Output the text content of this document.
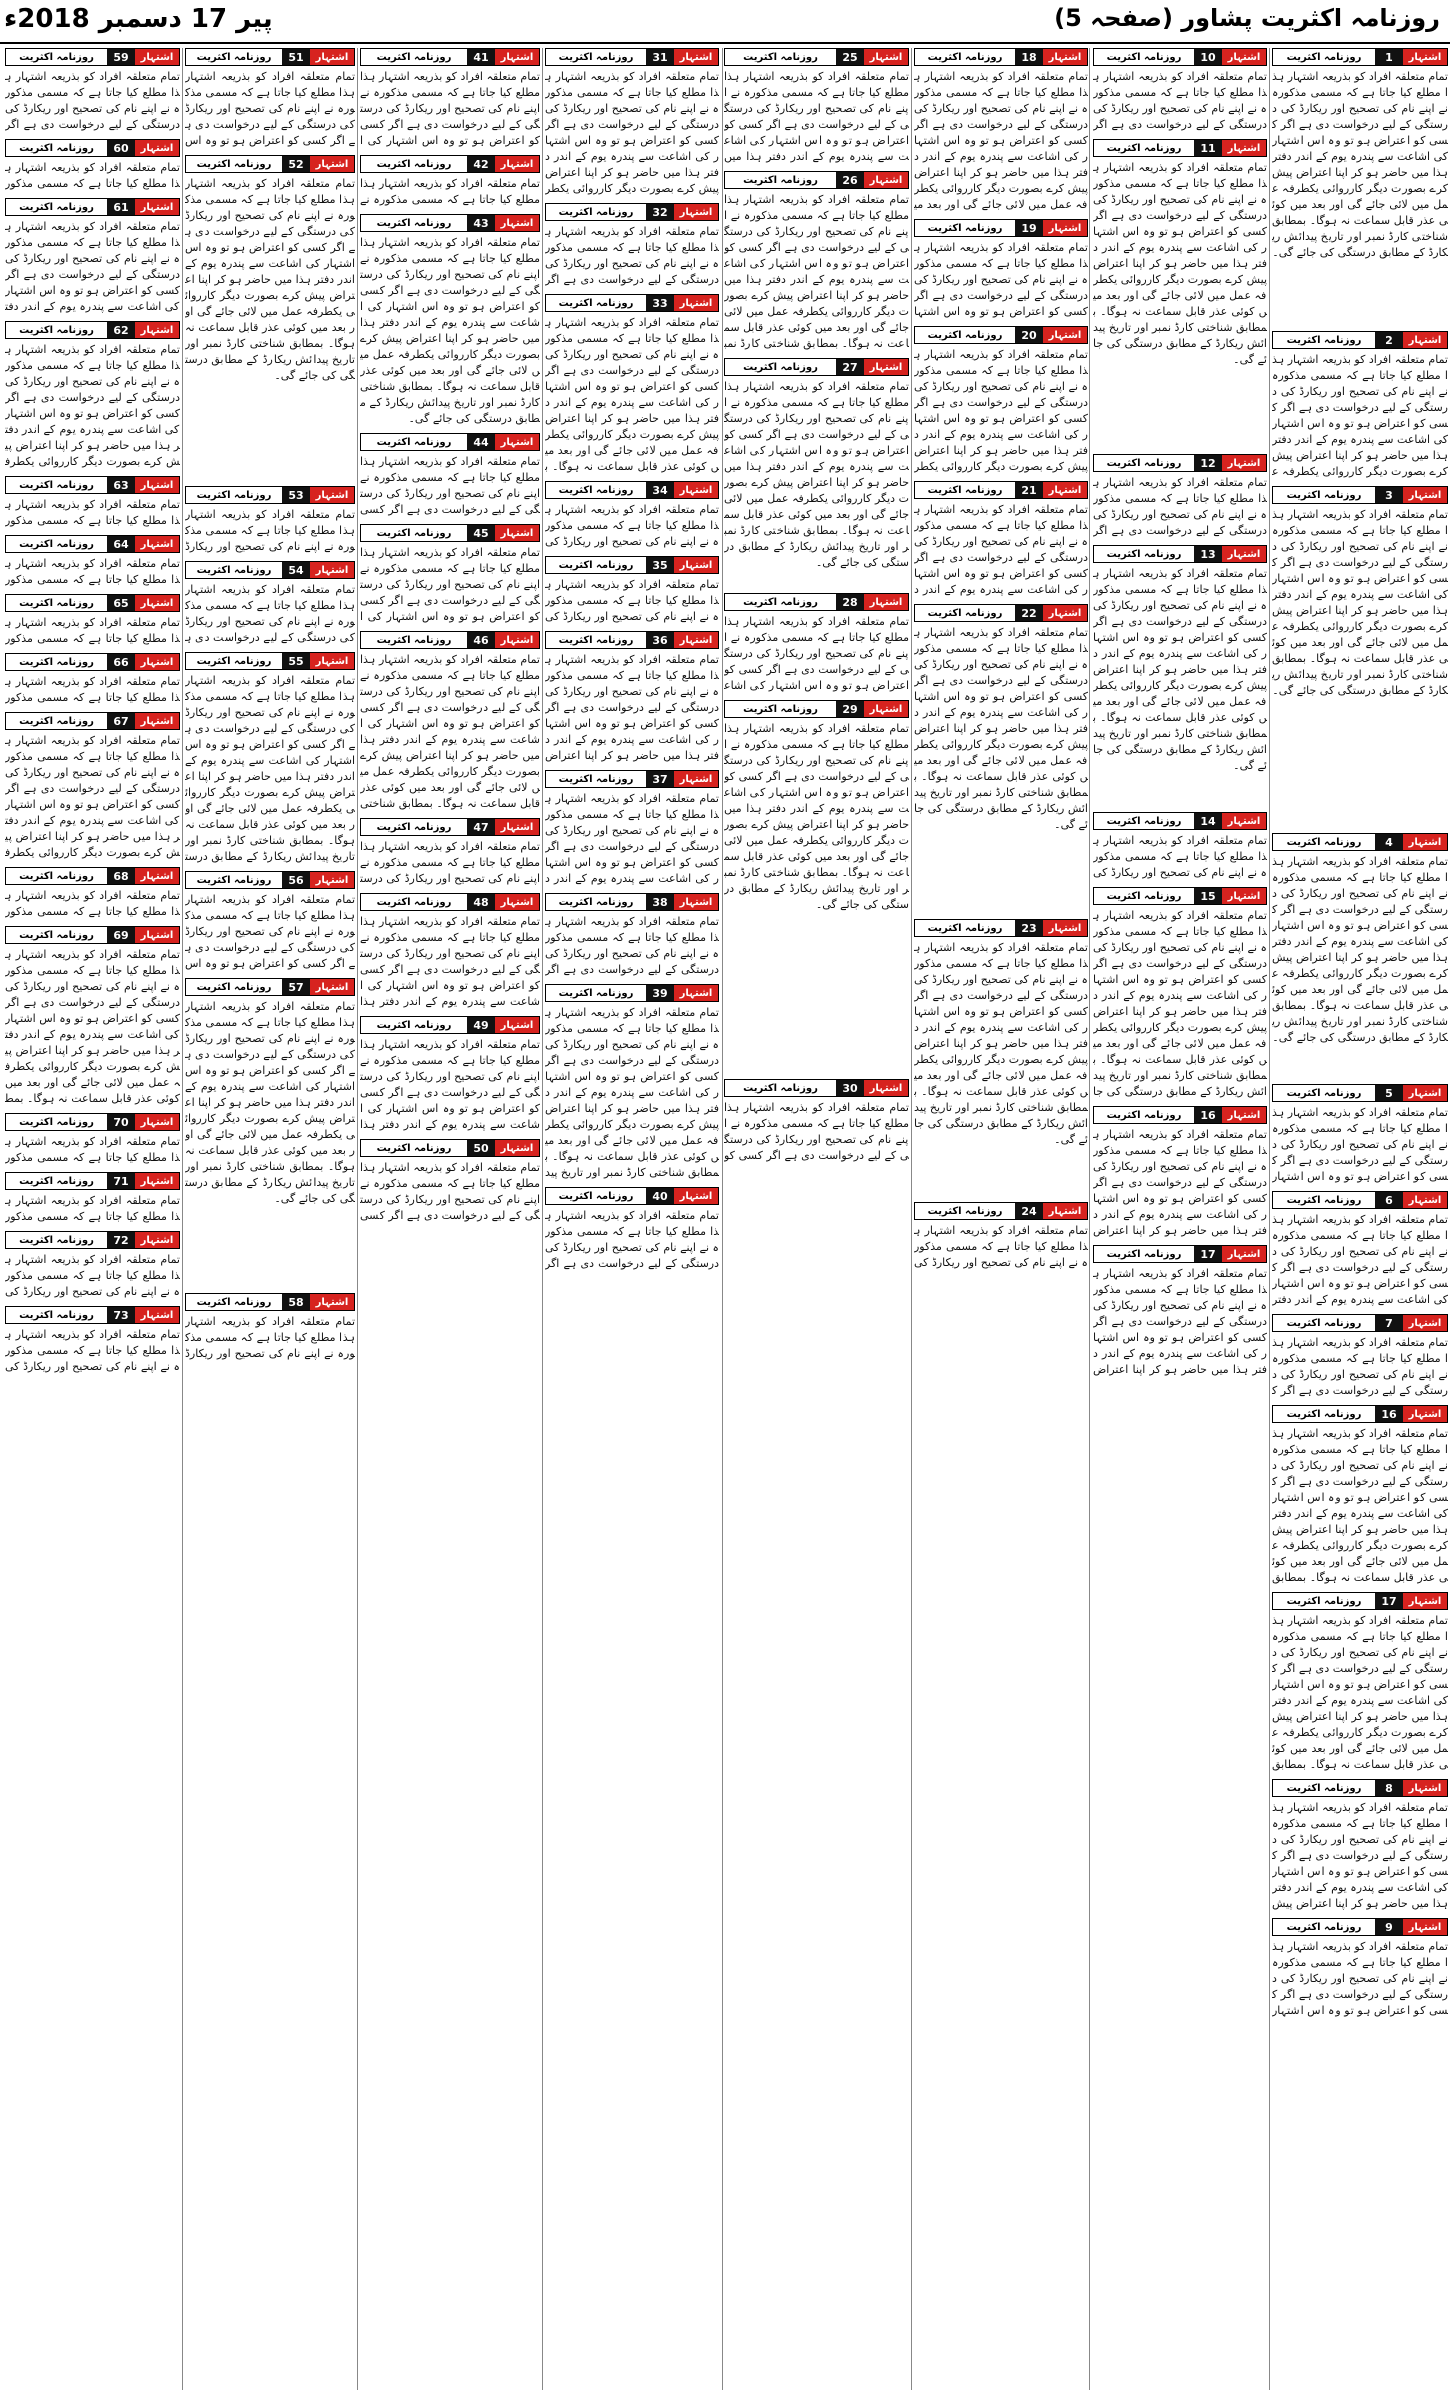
پیر 17 دسمبر 2018ء	روزنامہ اکثریت پشاور (صفحہ 5)
اشتہار
1
روزنامہ اکثریت
تمام متعلقہ افراد کو بذریعہ اشتہار ہذا مطلع کیا جاتا ہے کہ مسمی مذکورہ نے اپنے نام کی تصحیح اور ریکارڈ کی درستگی کے لیے درخواست دی ہے اگر کسی کو اعتراض ہو تو وہ اس اشتہار کی اشاعت سے پندرہ یوم کے اندر دفتر ہذا میں حاضر ہو کر اپنا اعتراض پیش کرے بصورت دیگر کارروائی یکطرفہ عمل میں لائی جائے گی اور بعد میں کوئی عذر قابل سماعت نہ ہوگا۔ بمطابق شناختی کارڈ نمبر اور تاریخ پیدائش ریکارڈ کے مطابق درستگی کی جائے گی۔
اشتہار
2
روزنامہ اکثریت
تمام متعلقہ افراد کو بذریعہ اشتہار ہذا مطلع کیا جاتا ہے کہ مسمی مذکورہ نے اپنے نام کی تصحیح اور ریکارڈ کی درستگی کے لیے درخواست دی ہے اگر کسی کو اعتراض ہو تو وہ اس اشتہار کی اشاعت سے پندرہ یوم کے اندر دفتر ہذا میں حاضر ہو کر اپنا اعتراض پیش کرے بصورت دیگر کارروائی یکطرفہ ع
اشتہار
3
روزنامہ اکثریت
تمام متعلقہ افراد کو بذریعہ اشتہار ہذا مطلع کیا جاتا ہے کہ مسمی مذکورہ نے اپنے نام کی تصحیح اور ریکارڈ کی درستگی کے لیے درخواست دی ہے اگر کسی کو اعتراض ہو تو وہ اس اشتہار کی اشاعت سے پندرہ یوم کے اندر دفتر ہذا میں حاضر ہو کر اپنا اعتراض پیش کرے بصورت دیگر کارروائی یکطرفہ عمل میں لائی جائے گی اور بعد میں کوئی عذر قابل سماعت نہ ہوگا۔ بمطابق شناختی کارڈ نمبر اور تاریخ پیدائش ریکارڈ کے مطابق درستگی کی جائے گی۔
اشتہار
4
روزنامہ اکثریت
تمام متعلقہ افراد کو بذریعہ اشتہار ہذا مطلع کیا جاتا ہے کہ مسمی مذکورہ نے اپنے نام کی تصحیح اور ریکارڈ کی درستگی کے لیے درخواست دی ہے اگر کسی کو اعتراض ہو تو وہ اس اشتہار کی اشاعت سے پندرہ یوم کے اندر دفتر ہذا میں حاضر ہو کر اپنا اعتراض پیش کرے بصورت دیگر کارروائی یکطرفہ عمل میں لائی جائے گی اور بعد میں کوئی عذر قابل سماعت نہ ہوگا۔ بمطابق شناختی کارڈ نمبر اور تاریخ پیدائش ریکارڈ کے مطابق درستگی کی جائے گی۔
اشتہار
5
روزنامہ اکثریت
تمام متعلقہ افراد کو بذریعہ اشتہار ہذا مطلع کیا جاتا ہے کہ مسمی مذکورہ نے اپنے نام کی تصحیح اور ریکارڈ کی درستگی کے لیے درخواست دی ہے اگر کسی کو اعتراض ہو تو وہ اس اشتہار
اشتہار
6
روزنامہ اکثریت
تمام متعلقہ افراد کو بذریعہ اشتہار ہذا مطلع کیا جاتا ہے کہ مسمی مذکورہ نے اپنے نام کی تصحیح اور ریکارڈ کی درستگی کے لیے درخواست دی ہے اگر کسی کو اعتراض ہو تو وہ اس اشتہار کی اشاعت سے پندرہ یوم کے اندر دفتر
اشتہار
7
روزنامہ اکثریت
تمام متعلقہ افراد کو بذریعہ اشتہار ہذا مطلع کیا جاتا ہے کہ مسمی مذکورہ نے اپنے نام کی تصحیح اور ریکارڈ کی درستگی کے لیے درخواست دی ہے اگر ک
اشتہار
16
روزنامہ اکثریت
تمام متعلقہ افراد کو بذریعہ اشتہار ہذا مطلع کیا جاتا ہے کہ مسمی مذکورہ نے اپنے نام کی تصحیح اور ریکارڈ کی درستگی کے لیے درخواست دی ہے اگر کسی کو اعتراض ہو تو وہ اس اشتہار کی اشاعت سے پندرہ یوم کے اندر دفتر ہذا میں حاضر ہو کر اپنا اعتراض پیش کرے بصورت دیگر کارروائی یکطرفہ عمل میں لائی جائے گی اور بعد میں کوئی عذر قابل سماعت نہ ہوگا۔ بمطابق
اشتہار
17
روزنامہ اکثریت
تمام متعلقہ افراد کو بذریعہ اشتہار ہذا مطلع کیا جاتا ہے کہ مسمی مذکورہ نے اپنے نام کی تصحیح اور ریکارڈ کی درستگی کے لیے درخواست دی ہے اگر کسی کو اعتراض ہو تو وہ اس اشتہار کی اشاعت سے پندرہ یوم کے اندر دفتر ہذا میں حاضر ہو کر اپنا اعتراض پیش کرے بصورت دیگر کارروائی یکطرفہ عمل میں لائی جائے گی اور بعد میں کوئی عذر قابل سماعت نہ ہوگا۔ بمطابق
اشتہار
8
روزنامہ اکثریت
تمام متعلقہ افراد کو بذریعہ اشتہار ہذا مطلع کیا جاتا ہے کہ مسمی مذکورہ نے اپنے نام کی تصحیح اور ریکارڈ کی درستگی کے لیے درخواست دی ہے اگر کسی کو اعتراض ہو تو وہ اس اشتہار کی اشاعت سے پندرہ یوم کے اندر دفتر ہذا میں حاضر ہو کر اپنا اعتراض پیش
اشتہار
9
روزنامہ اکثریت
تمام متعلقہ افراد کو بذریعہ اشتہار ہذا مطلع کیا جاتا ہے کہ مسمی مذکورہ نے اپنے نام کی تصحیح اور ریکارڈ کی درستگی کے لیے درخواست دی ہے اگر کسی کو اعتراض ہو تو وہ اس اشتہار
اشتہار
10
روزنامہ اکثریت
تمام متعلقہ افراد کو بذریعہ اشتہار ہذا مطلع کیا جاتا ہے کہ مسمی مذکورہ نے اپنے نام کی تصحیح اور ریکارڈ کی درستگی کے لیے درخواست دی ہے اگر
اشتہار
11
روزنامہ اکثریت
تمام متعلقہ افراد کو بذریعہ اشتہار ہذا مطلع کیا جاتا ہے کہ مسمی مذکورہ نے اپنے نام کی تصحیح اور ریکارڈ کی درستگی کے لیے درخواست دی ہے اگر کسی کو اعتراض ہو تو وہ اس اشتہار کی اشاعت سے پندرہ یوم کے اندر دفتر ہذا میں حاضر ہو کر اپنا اعتراض پیش کرے بصورت دیگر کارروائی یکطرفہ عمل میں لائی جائے گی اور بعد میں کوئی عذر قابل سماعت نہ ہوگا۔ بمطابق شناختی کارڈ نمبر اور تاریخ پیدائش ریکارڈ کے مطابق درستگی کی جائے گی۔
اشتہار
12
روزنامہ اکثریت
تمام متعلقہ افراد کو بذریعہ اشتہار ہذا مطلع کیا جاتا ہے کہ مسمی مذکورہ نے اپنے نام کی تصحیح اور ریکارڈ کی درستگی کے لیے درخواست دی ہے اگر
اشتہار
13
روزنامہ اکثریت
تمام متعلقہ افراد کو بذریعہ اشتہار ہذا مطلع کیا جاتا ہے کہ مسمی مذکورہ نے اپنے نام کی تصحیح اور ریکارڈ کی درستگی کے لیے درخواست دی ہے اگر کسی کو اعتراض ہو تو وہ اس اشتہار کی اشاعت سے پندرہ یوم کے اندر دفتر ہذا میں حاضر ہو کر اپنا اعتراض پیش کرے بصورت دیگر کارروائی یکطرفہ عمل میں لائی جائے گی اور بعد میں کوئی عذر قابل سماعت نہ ہوگا۔ بمطابق شناختی کارڈ نمبر اور تاریخ پیدائش ریکارڈ کے مطابق درستگی کی جائے گی۔
اشتہار
14
روزنامہ اکثریت
تمام متعلقہ افراد کو بذریعہ اشتہار ہذا مطلع کیا جاتا ہے کہ مسمی مذکورہ نے اپنے نام کی تصحیح اور ریکارڈ کی
اشتہار
15
روزنامہ اکثریت
تمام متعلقہ افراد کو بذریعہ اشتہار ہذا مطلع کیا جاتا ہے کہ مسمی مذکورہ نے اپنے نام کی تصحیح اور ریکارڈ کی درستگی کے لیے درخواست دی ہے اگر کسی کو اعتراض ہو تو وہ اس اشتہار کی اشاعت سے پندرہ یوم کے اندر دفتر ہذا میں حاضر ہو کر اپنا اعتراض پیش کرے بصورت دیگر کارروائی یکطرفہ عمل میں لائی جائے گی اور بعد میں کوئی عذر قابل سماعت نہ ہوگا۔ بمطابق شناختی کارڈ نمبر اور تاریخ پیدائش ریکارڈ کے مطابق درستگی کی جا
اشتہار
16
روزنامہ اکثریت
تمام متعلقہ افراد کو بذریعہ اشتہار ہذا مطلع کیا جاتا ہے کہ مسمی مذکورہ نے اپنے نام کی تصحیح اور ریکارڈ کی درستگی کے لیے درخواست دی ہے اگر کسی کو اعتراض ہو تو وہ اس اشتہار کی اشاعت سے پندرہ یوم کے اندر دفتر ہذا میں حاضر ہو کر اپنا اعتراض
اشتہار
17
روزنامہ اکثریت
تمام متعلقہ افراد کو بذریعہ اشتہار ہذا مطلع کیا جاتا ہے کہ مسمی مذکورہ نے اپنے نام کی تصحیح اور ریکارڈ کی درستگی کے لیے درخواست دی ہے اگر کسی کو اعتراض ہو تو وہ اس اشتہار کی اشاعت سے پندرہ یوم کے اندر دفتر ہذا میں حاضر ہو کر اپنا اعتراض
اشتہار
18
روزنامہ اکثریت
تمام متعلقہ افراد کو بذریعہ اشتہار ہذا مطلع کیا جاتا ہے کہ مسمی مذکورہ نے اپنے نام کی تصحیح اور ریکارڈ کی درستگی کے لیے درخواست دی ہے اگر کسی کو اعتراض ہو تو وہ اس اشتہار کی اشاعت سے پندرہ یوم کے اندر دفتر ہذا میں حاضر ہو کر اپنا اعتراض پیش کرے بصورت دیگر کارروائی یکطرفہ عمل میں لائی جائے گی اور بعد می
اشتہار
19
روزنامہ اکثریت
تمام متعلقہ افراد کو بذریعہ اشتہار ہذا مطلع کیا جاتا ہے کہ مسمی مذکورہ نے اپنے نام کی تصحیح اور ریکارڈ کی درستگی کے لیے درخواست دی ہے اگر کسی کو اعتراض ہو تو وہ اس اشتہا
اشتہار
20
روزنامہ اکثریت
تمام متعلقہ افراد کو بذریعہ اشتہار ہذا مطلع کیا جاتا ہے کہ مسمی مذکورہ نے اپنے نام کی تصحیح اور ریکارڈ کی درستگی کے لیے درخواست دی ہے اگر کسی کو اعتراض ہو تو وہ اس اشتہار کی اشاعت سے پندرہ یوم کے اندر دفتر ہذا میں حاضر ہو کر اپنا اعتراض پیش کرے بصورت دیگر کارروائی یکطر
اشتہار
21
روزنامہ اکثریت
تمام متعلقہ افراد کو بذریعہ اشتہار ہذا مطلع کیا جاتا ہے کہ مسمی مذکورہ نے اپنے نام کی تصحیح اور ریکارڈ کی درستگی کے لیے درخواست دی ہے اگر کسی کو اعتراض ہو تو وہ اس اشتہار کی اشاعت سے پندرہ یوم کے اندر د
اشتہار
22
روزنامہ اکثریت
تمام متعلقہ افراد کو بذریعہ اشتہار ہذا مطلع کیا جاتا ہے کہ مسمی مذکورہ نے اپنے نام کی تصحیح اور ریکارڈ کی درستگی کے لیے درخواست دی ہے اگر کسی کو اعتراض ہو تو وہ اس اشتہار کی اشاعت سے پندرہ یوم کے اندر دفتر ہذا میں حاضر ہو کر اپنا اعتراض پیش کرے بصورت دیگر کارروائی یکطرفہ عمل میں لائی جائے گی اور بعد میں کوئی عذر قابل سماعت نہ ہوگا۔ بمطابق شناختی کارڈ نمبر اور تاریخ پیدائش ریکارڈ کے مطابق درستگی کی جائے گی۔
اشتہار
23
روزنامہ اکثریت
تمام متعلقہ افراد کو بذریعہ اشتہار ہذا مطلع کیا جاتا ہے کہ مسمی مذکورہ نے اپنے نام کی تصحیح اور ریکارڈ کی درستگی کے لیے درخواست دی ہے اگر کسی کو اعتراض ہو تو وہ اس اشتہار کی اشاعت سے پندرہ یوم کے اندر دفتر ہذا میں حاضر ہو کر اپنا اعتراض پیش کرے بصورت دیگر کارروائی یکطرفہ عمل میں لائی جائے گی اور بعد میں کوئی عذر قابل سماعت نہ ہوگا۔ بمطابق شناختی کارڈ نمبر اور تاریخ پیدائش ریکارڈ کے مطابق درستگی کی جائے گی۔
اشتہار
24
روزنامہ اکثریت
تمام متعلقہ افراد کو بذریعہ اشتہار ہذا مطلع کیا جاتا ہے کہ مسمی مذکورہ نے اپنے نام کی تصحیح اور ریکارڈ کی
اشتہار
25
روزنامہ اکثریت
تمام متعلقہ افراد کو بذریعہ اشتہار ہذا مطلع کیا جاتا ہے کہ مسمی مذکورہ نے اپنے نام کی تصحیح اور ریکارڈ کی درستگی کے لیے درخواست دی ہے اگر کسی کو اعتراض ہو تو وہ اس اشتہار کی اشاعت سے پندرہ یوم کے اندر دفتر ہذا میں
اشتہار
26
روزنامہ اکثریت
تمام متعلقہ افراد کو بذریعہ اشتہار ہذا مطلع کیا جاتا ہے کہ مسمی مذکورہ نے اپنے نام کی تصحیح اور ریکارڈ کی درستگی کے لیے درخواست دی ہے اگر کسی کو اعتراض ہو تو وہ اس اشتہار کی اشاعت سے پندرہ یوم کے اندر دفتر ہذا میں حاضر ہو کر اپنا اعتراض پیش کرے بصورت دیگر کارروائی یکطرفہ عمل میں لائی جائے گی اور بعد میں کوئی عذر قابل سماعت نہ ہوگا۔ بمطابق شناختی کارڈ نمب
اشتہار
27
روزنامہ اکثریت
تمام متعلقہ افراد کو بذریعہ اشتہار ہذا مطلع کیا جاتا ہے کہ مسمی مذکورہ نے اپنے نام کی تصحیح اور ریکارڈ کی درستگی کے لیے درخواست دی ہے اگر کسی کو اعتراض ہو تو وہ اس اشتہار کی اشاعت سے پندرہ یوم کے اندر دفتر ہذا میں حاضر ہو کر اپنا اعتراض پیش کرے بصورت دیگر کارروائی یکطرفہ عمل میں لائی جائے گی اور بعد میں کوئی عذر قابل سماعت نہ ہوگا۔ بمطابق شناختی کارڈ نمبر اور تاریخ پیدائش ریکارڈ کے مطابق درستگی کی جائے گی۔
اشتہار
28
روزنامہ اکثریت
تمام متعلقہ افراد کو بذریعہ اشتہار ہذا مطلع کیا جاتا ہے کہ مسمی مذکورہ نے اپنے نام کی تصحیح اور ریکارڈ کی درستگی کے لیے درخواست دی ہے اگر کسی کو اعتراض ہو تو وہ اس اشتہار کی اشاع
اشتہار
29
روزنامہ اکثریت
تمام متعلقہ افراد کو بذریعہ اشتہار ہذا مطلع کیا جاتا ہے کہ مسمی مذکورہ نے اپنے نام کی تصحیح اور ریکارڈ کی درستگی کے لیے درخواست دی ہے اگر کسی کو اعتراض ہو تو وہ اس اشتہار کی اشاعت سے پندرہ یوم کے اندر دفتر ہذا میں حاضر ہو کر اپنا اعتراض پیش کرے بصورت دیگر کارروائی یکطرفہ عمل میں لائی جائے گی اور بعد میں کوئی عذر قابل سماعت نہ ہوگا۔ بمطابق شناختی کارڈ نمبر اور تاریخ پیدائش ریکارڈ کے مطابق درستگی کی جائے گی۔
اشتہار
30
روزنامہ اکثریت
تمام متعلقہ افراد کو بذریعہ اشتہار ہذا مطلع کیا جاتا ہے کہ مسمی مذکورہ نے اپنے نام کی تصحیح اور ریکارڈ کی درستگی کے لیے درخواست دی ہے اگر کسی کو
اشتہار
31
روزنامہ اکثریت
تمام متعلقہ افراد کو بذریعہ اشتہار ہذا مطلع کیا جاتا ہے کہ مسمی مذکورہ نے اپنے نام کی تصحیح اور ریکارڈ کی درستگی کے لیے درخواست دی ہے اگر کسی کو اعتراض ہو تو وہ اس اشتہار کی اشاعت سے پندرہ یوم کے اندر دفتر ہذا میں حاضر ہو کر اپنا اعتراض پیش کرے بصورت دیگر کارروائی یکطر
اشتہار
32
روزنامہ اکثریت
تمام متعلقہ افراد کو بذریعہ اشتہار ہذا مطلع کیا جاتا ہے کہ مسمی مذکورہ نے اپنے نام کی تصحیح اور ریکارڈ کی درستگی کے لیے درخواست دی ہے اگر
اشتہار
33
روزنامہ اکثریت
تمام متعلقہ افراد کو بذریعہ اشتہار ہذا مطلع کیا جاتا ہے کہ مسمی مذکورہ نے اپنے نام کی تصحیح اور ریکارڈ کی درستگی کے لیے درخواست دی ہے اگر کسی کو اعتراض ہو تو وہ اس اشتہار کی اشاعت سے پندرہ یوم کے اندر دفتر ہذا میں حاضر ہو کر اپنا اعتراض پیش کرے بصورت دیگر کارروائی یکطرفہ عمل میں لائی جائے گی اور بعد میں کوئی عذر قابل سماعت نہ ہوگا۔ ب
اشتہار
34
روزنامہ اکثریت
تمام متعلقہ افراد کو بذریعہ اشتہار ہذا مطلع کیا جاتا ہے کہ مسمی مذکورہ نے اپنے نام کی تصحیح اور ریکارڈ کی
اشتہار
35
روزنامہ اکثریت
تمام متعلقہ افراد کو بذریعہ اشتہار ہذا مطلع کیا جاتا ہے کہ مسمی مذکورہ نے اپنے نام کی تصحیح اور ریکارڈ کی
اشتہار
36
روزنامہ اکثریت
تمام متعلقہ افراد کو بذریعہ اشتہار ہذا مطلع کیا جاتا ہے کہ مسمی مذکورہ نے اپنے نام کی تصحیح اور ریکارڈ کی درستگی کے لیے درخواست دی ہے اگر کسی کو اعتراض ہو تو وہ اس اشتہار کی اشاعت سے پندرہ یوم کے اندر دفتر ہذا میں حاضر ہو کر اپنا اعتراض
اشتہار
37
روزنامہ اکثریت
تمام متعلقہ افراد کو بذریعہ اشتہار ہذا مطلع کیا جاتا ہے کہ مسمی مذکورہ نے اپنے نام کی تصحیح اور ریکارڈ کی درستگی کے لیے درخواست دی ہے اگر کسی کو اعتراض ہو تو وہ اس اشتہار کی اشاعت سے پندرہ یوم کے اندر د
اشتہار
38
روزنامہ اکثریت
تمام متعلقہ افراد کو بذریعہ اشتہار ہذا مطلع کیا جاتا ہے کہ مسمی مذکورہ نے اپنے نام کی تصحیح اور ریکارڈ کی درستگی کے لیے درخواست دی ہے اگر
اشتہار
39
روزنامہ اکثریت
تمام متعلقہ افراد کو بذریعہ اشتہار ہذا مطلع کیا جاتا ہے کہ مسمی مذکورہ نے اپنے نام کی تصحیح اور ریکارڈ کی درستگی کے لیے درخواست دی ہے اگر کسی کو اعتراض ہو تو وہ اس اشتہار کی اشاعت سے پندرہ یوم کے اندر دفتر ہذا میں حاضر ہو کر اپنا اعتراض پیش کرے بصورت دیگر کارروائی یکطرفہ عمل میں لائی جائے گی اور بعد میں کوئی عذر قابل سماعت نہ ہوگا۔ بمطابق شناختی کارڈ نمبر اور تاریخ پید
اشتہار
40
روزنامہ اکثریت
تمام متعلقہ افراد کو بذریعہ اشتہار ہذا مطلع کیا جاتا ہے کہ مسمی مذکورہ نے اپنے نام کی تصحیح اور ریکارڈ کی درستگی کے لیے درخواست دی ہے اگر
اشتہار
41
روزنامہ اکثریت
تمام متعلقہ افراد کو بذریعہ اشتہار ہذا مطلع کیا جاتا ہے کہ مسمی مذکورہ نے اپنے نام کی تصحیح اور ریکارڈ کی درستگی کے لیے درخواست دی ہے اگر کسی کو اعتراض ہو تو وہ اس اشتہار کی ا
اشتہار
42
روزنامہ اکثریت
تمام متعلقہ افراد کو بذریعہ اشتہار ہذا مطلع کیا جاتا ہے کہ مسمی مذکورہ نے
اشتہار
43
روزنامہ اکثریت
تمام متعلقہ افراد کو بذریعہ اشتہار ہذا مطلع کیا جاتا ہے کہ مسمی مذکورہ نے اپنے نام کی تصحیح اور ریکارڈ کی درستگی کے لیے درخواست دی ہے اگر کسی کو اعتراض ہو تو وہ اس اشتہار کی اشاعت سے پندرہ یوم کے اندر دفتر ہذا میں حاضر ہو کر اپنا اعتراض پیش کرے بصورت دیگر کارروائی یکطرفہ عمل میں لائی جائے گی اور بعد میں کوئی عذر قابل سماعت نہ ہوگا۔ بمطابق شناختی کارڈ نمبر اور تاریخ پیدائش ریکارڈ کے مطابق درستگی کی جائے گی۔
اشتہار
44
روزنامہ اکثریت
تمام متعلقہ افراد کو بذریعہ اشتہار ہذا مطلع کیا جاتا ہے کہ مسمی مذکورہ نے اپنے نام کی تصحیح اور ریکارڈ کی درستگی کے لیے درخواست دی ہے اگر کسی
اشتہار
45
روزنامہ اکثریت
تمام متعلقہ افراد کو بذریعہ اشتہار ہذا مطلع کیا جاتا ہے کہ مسمی مذکورہ نے اپنے نام کی تصحیح اور ریکارڈ کی درستگی کے لیے درخواست دی ہے اگر کسی کو اعتراض ہو تو وہ اس اشتہار کی ا
اشتہار
46
روزنامہ اکثریت
تمام متعلقہ افراد کو بذریعہ اشتہار ہذا مطلع کیا جاتا ہے کہ مسمی مذکورہ نے اپنے نام کی تصحیح اور ریکارڈ کی درستگی کے لیے درخواست دی ہے اگر کسی کو اعتراض ہو تو وہ اس اشتہار کی اشاعت سے پندرہ یوم کے اندر دفتر ہذا میں حاضر ہو کر اپنا اعتراض پیش کرے بصورت دیگر کارروائی یکطرفہ عمل میں لائی جائے گی اور بعد میں کوئی عذر قابل سماعت نہ ہوگا۔ بمطابق شناختی
اشتہار
47
روزنامہ اکثریت
تمام متعلقہ افراد کو بذریعہ اشتہار ہذا مطلع کیا جاتا ہے کہ مسمی مذکورہ نے اپنے نام کی تصحیح اور ریکارڈ کی درست
اشتہار
48
روزنامہ اکثریت
تمام متعلقہ افراد کو بذریعہ اشتہار ہذا مطلع کیا جاتا ہے کہ مسمی مذکورہ نے اپنے نام کی تصحیح اور ریکارڈ کی درستگی کے لیے درخواست دی ہے اگر کسی کو اعتراض ہو تو وہ اس اشتہار کی اشاعت سے پندرہ یوم کے اندر دفتر ہذا
اشتہار
49
روزنامہ اکثریت
تمام متعلقہ افراد کو بذریعہ اشتہار ہذا مطلع کیا جاتا ہے کہ مسمی مذکورہ نے اپنے نام کی تصحیح اور ریکارڈ کی درستگی کے لیے درخواست دی ہے اگر کسی کو اعتراض ہو تو وہ اس اشتہار کی اشاعت سے پندرہ یوم کے اندر دفتر ہذا
اشتہار
50
روزنامہ اکثریت
تمام متعلقہ افراد کو بذریعہ اشتہار ہذا مطلع کیا جاتا ہے کہ مسمی مذکورہ نے اپنے نام کی تصحیح اور ریکارڈ کی درستگی کے لیے درخواست دی ہے اگر کسی
اشتہار
51
روزنامہ اکثریت
تمام متعلقہ افراد کو بذریعہ اشتہار ہذا مطلع کیا جاتا ہے کہ مسمی مذکورہ نے اپنے نام کی تصحیح اور ریکارڈ کی درستگی کے لیے درخواست دی ہے اگر کسی کو اعتراض ہو تو وہ اس
اشتہار
52
روزنامہ اکثریت
تمام متعلقہ افراد کو بذریعہ اشتہار ہذا مطلع کیا جاتا ہے کہ مسمی مذکورہ نے اپنے نام کی تصحیح اور ریکارڈ کی درستگی کے لیے درخواست دی ہے اگر کسی کو اعتراض ہو تو وہ اس اشتہار کی اشاعت سے پندرہ یوم کے اندر دفتر ہذا میں حاضر ہو کر اپنا اعتراض پیش کرے بصورت دیگر کارروائی یکطرفہ عمل میں لائی جائے گی اور بعد میں کوئی عذر قابل سماعت نہ ہوگا۔ بمطابق شناختی کارڈ نمبر اور تاریخ پیدائش ریکارڈ کے مطابق درستگی کی جائے گی۔
اشتہار
53
روزنامہ اکثریت
تمام متعلقہ افراد کو بذریعہ اشتہار ہذا مطلع کیا جاتا ہے کہ مسمی مذکورہ نے اپنے نام کی تصحیح اور ریکارڈ
اشتہار
54
روزنامہ اکثریت
تمام متعلقہ افراد کو بذریعہ اشتہار ہذا مطلع کیا جاتا ہے کہ مسمی مذکورہ نے اپنے نام کی تصحیح اور ریکارڈ کی درستگی کے لیے درخواست دی ہ
اشتہار
55
روزنامہ اکثریت
تمام متعلقہ افراد کو بذریعہ اشتہار ہذا مطلع کیا جاتا ہے کہ مسمی مذکورہ نے اپنے نام کی تصحیح اور ریکارڈ کی درستگی کے لیے درخواست دی ہے اگر کسی کو اعتراض ہو تو وہ اس اشتہار کی اشاعت سے پندرہ یوم کے اندر دفتر ہذا میں حاضر ہو کر اپنا اعتراض پیش کرے بصورت دیگر کارروائی یکطرفہ عمل میں لائی جائے گی اور بعد میں کوئی عذر قابل سماعت نہ ہوگا۔ بمطابق شناختی کارڈ نمبر اور تاریخ پیدائش ریکارڈ کے مطابق درست
اشتہار
56
روزنامہ اکثریت
تمام متعلقہ افراد کو بذریعہ اشتہار ہذا مطلع کیا جاتا ہے کہ مسمی مذکورہ نے اپنے نام کی تصحیح اور ریکارڈ کی درستگی کے لیے درخواست دی ہے اگر کسی کو اعتراض ہو تو وہ اس
اشتہار
57
روزنامہ اکثریت
تمام متعلقہ افراد کو بذریعہ اشتہار ہذا مطلع کیا جاتا ہے کہ مسمی مذکورہ نے اپنے نام کی تصحیح اور ریکارڈ کی درستگی کے لیے درخواست دی ہے اگر کسی کو اعتراض ہو تو وہ اس اشتہار کی اشاعت سے پندرہ یوم کے اندر دفتر ہذا میں حاضر ہو کر اپنا اعتراض پیش کرے بصورت دیگر کارروائی یکطرفہ عمل میں لائی جائے گی اور بعد میں کوئی عذر قابل سماعت نہ ہوگا۔ بمطابق شناختی کارڈ نمبر اور تاریخ پیدائش ریکارڈ کے مطابق درستگی کی جائے گی۔
اشتہار
58
روزنامہ اکثریت
تمام متعلقہ افراد کو بذریعہ اشتہار ہذا مطلع کیا جاتا ہے کہ مسمی مذکورہ نے اپنے نام کی تصحیح اور ریکارڈ
اشتہار
59
روزنامہ اکثریت
تمام متعلقہ افراد کو بذریعہ اشتہار ہذا مطلع کیا جاتا ہے کہ مسمی مذکورہ نے اپنے نام کی تصحیح اور ریکارڈ کی درستگی کے لیے درخواست دی ہے اگر
اشتہار
60
روزنامہ اکثریت
تمام متعلقہ افراد کو بذریعہ اشتہار ہذا مطلع کیا جاتا ہے کہ مسمی مذکور
اشتہار
61
روزنامہ اکثریت
تمام متعلقہ افراد کو بذریعہ اشتہار ہذا مطلع کیا جاتا ہے کہ مسمی مذکورہ نے اپنے نام کی تصحیح اور ریکارڈ کی درستگی کے لیے درخواست دی ہے اگر کسی کو اعتراض ہو تو وہ اس اشتہار کی اشاعت سے پندرہ یوم کے اندر دفت
اشتہار
62
روزنامہ اکثریت
تمام متعلقہ افراد کو بذریعہ اشتہار ہذا مطلع کیا جاتا ہے کہ مسمی مذکورہ نے اپنے نام کی تصحیح اور ریکارڈ کی درستگی کے لیے درخواست دی ہے اگر کسی کو اعتراض ہو تو وہ اس اشتہار کی اشاعت سے پندرہ یوم کے اندر دفتر ہذا میں حاضر ہو کر اپنا اعتراض پیش کرے بصورت دیگر کارروائی یکطرف
اشتہار
63
روزنامہ اکثریت
تمام متعلقہ افراد کو بذریعہ اشتہار ہذا مطلع کیا جاتا ہے کہ مسمی مذکور
اشتہار
64
روزنامہ اکثریت
تمام متعلقہ افراد کو بذریعہ اشتہار ہذا مطلع کیا جاتا ہے کہ مسمی مذکور
اشتہار
65
روزنامہ اکثریت
تمام متعلقہ افراد کو بذریعہ اشتہار ہذا مطلع کیا جاتا ہے کہ مسمی مذکور
اشتہار
66
روزنامہ اکثریت
تمام متعلقہ افراد کو بذریعہ اشتہار ہذا مطلع کیا جاتا ہے کہ مسمی مذکور
اشتہار
67
روزنامہ اکثریت
تمام متعلقہ افراد کو بذریعہ اشتہار ہذا مطلع کیا جاتا ہے کہ مسمی مذکورہ نے اپنے نام کی تصحیح اور ریکارڈ کی درستگی کے لیے درخواست دی ہے اگر کسی کو اعتراض ہو تو وہ اس اشتہار کی اشاعت سے پندرہ یوم کے اندر دفتر ہذا میں حاضر ہو کر اپنا اعتراض پیش کرے بصورت دیگر کارروائی یکطرف
اشتہار
68
روزنامہ اکثریت
تمام متعلقہ افراد کو بذریعہ اشتہار ہذا مطلع کیا جاتا ہے کہ مسمی مذکور
اشتہار
69
روزنامہ اکثریت
تمام متعلقہ افراد کو بذریعہ اشتہار ہذا مطلع کیا جاتا ہے کہ مسمی مذکورہ نے اپنے نام کی تصحیح اور ریکارڈ کی درستگی کے لیے درخواست دی ہے اگر کسی کو اعتراض ہو تو وہ اس اشتہار کی اشاعت سے پندرہ یوم کے اندر دفتر ہذا میں حاضر ہو کر اپنا اعتراض پیش کرے بصورت دیگر کارروائی یکطرفہ عمل میں لائی جائے گی اور بعد میں کوئی عذر قابل سماعت نہ ہوگا۔ بمط
اشتہار
70
روزنامہ اکثریت
تمام متعلقہ افراد کو بذریعہ اشتہار ہذا مطلع کیا جاتا ہے کہ مسمی مذکور
اشتہار
71
روزنامہ اکثریت
تمام متعلقہ افراد کو بذریعہ اشتہار ہذا مطلع کیا جاتا ہے کہ مسمی مذکور
اشتہار
72
روزنامہ اکثریت
تمام متعلقہ افراد کو بذریعہ اشتہار ہذا مطلع کیا جاتا ہے کہ مسمی مذکورہ نے اپنے نام کی تصحیح اور ریکارڈ کی
اشتہار
73
روزنامہ اکثریت
تمام متعلقہ افراد کو بذریعہ اشتہار ہذا مطلع کیا جاتا ہے کہ مسمی مذکورہ نے اپنے نام کی تصحیح اور ریکارڈ کی
